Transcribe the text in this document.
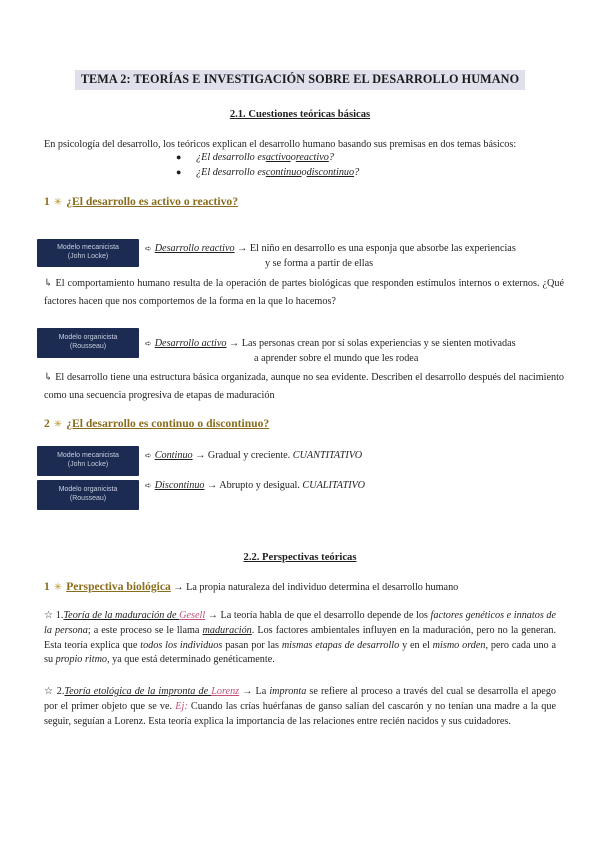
TEMA 2: TEORÍAS E INVESTIGACIÓN SOBRE EL DESARROLLO HUMANO
2.1. Cuestiones teóricas básicas
En psicología del desarrollo, los teóricos explican el desarrollo humano basando sus premisas en dos temas básicos:
●	¿El desarrollo es activo o reactivo ?
●	¿El desarrollo es continuo o discontinuo ?
1 ✳ ¿El desarrollo es activo o reactivo?
Modelo mecanicista
(John Locke)
➪ Desarrollo reactivo → El niño en desarrollo es una esponja que absorbe las experiencias
y se forma a partir de ellas
↳ El comportamiento humano resulta de la operación de partes biológicas que responden estímulos internos o externos. ¿Qué factores hacen que nos comportemos de la forma en la que lo hacemos?
Modelo organicista
(Rousseau)	➪ Desarrollo activo → Las personas crean por sí solas experiencias y se sienten motivadas
a aprender sobre el mundo que les rodea
↳ El desarrollo tiene una estructura básica organizada, aunque no sea evidente. Describen el desarrollo después del nacimiento como una secuencia progresiva de etapas de maduración
2 ✳ ¿El desarrollo es continuo o discontinuo?
Modelo mecanicista
(John Locke)
➪ Continuo → Gradual y creciente. CUANTITATIVO
Modelo organicista
(Rousseau)
➪ Discontinuo → Abrupto y desigual. CUALITATIVO
2.2. Perspectivas teóricas
1 ✳ Perspectiva biológica → La propia naturaleza del individuo determina el desarrollo humano
☆ 1.Teoría de la maduración de Gesell → La teoría habla de que el desarrollo depende de los factores genéticos e innatos de la persona; a este proceso se le llama maduración. Los factores ambientales influyen en la maduración, pero no la generan. Esta teoría explica que todos los individuos pasan por las mismas etapas de desarrollo y en el mismo orden, pero cada uno a su propio ritmo, ya que está determinado genéticamente.
☆ 2.Teoría etológica de la impronta de Lorenz → La impronta se refiere al proceso a través del cual se desarrolla el apego por el primer objeto que se ve. Ej: Cuando las crías huérfanas de ganso salían del cascarón y no tenían una madre a la que seguir, seguían a Lorenz. Esta teoría explica la importancia de las relaciones entre recién nacidos y sus cuidadores.
